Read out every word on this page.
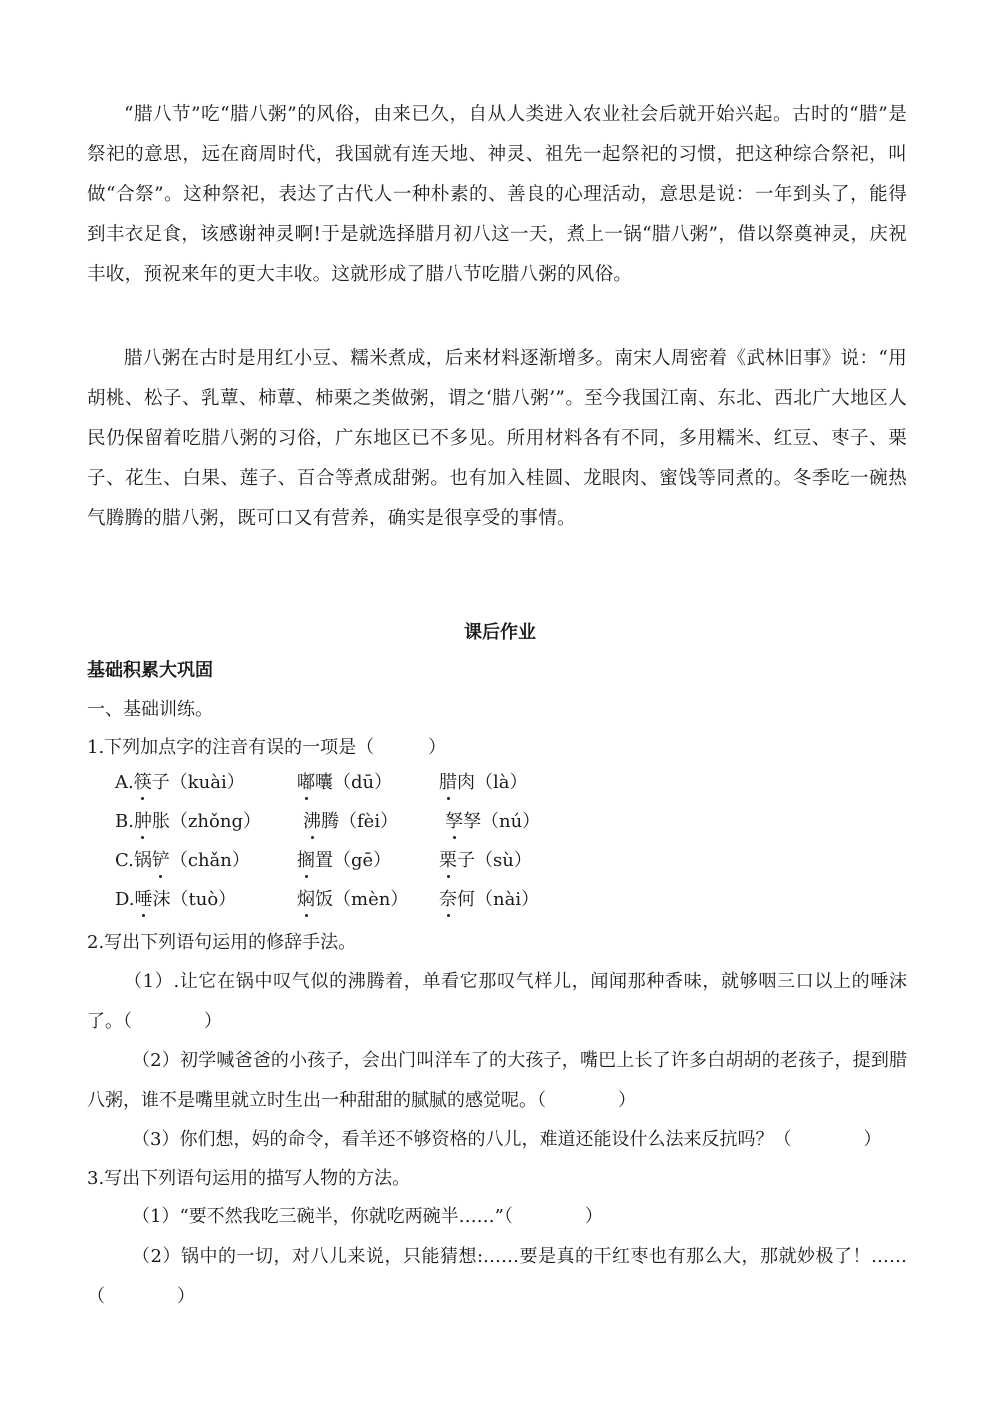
“腊八节”吃“腊八粥”的风俗，由来已久，自从人类进入农业社会后就开始兴起。古时的“腊”是祭祀的意思，远在商周时代，我国就有连天地、神灵、祖先一起祭祀的习惯，把这种综合祭祀，叫做“合祭”。这种祭祀，表达了古代人一种朴素的、善良的心理活动，意思是说：一年到头了，能得到丰衣足食，该感谢神灵啊!于是就选择腊月初八这一天，煮上一锅“腊八粥”，借以祭奠神灵，庆祝丰收，预祝来年的更大丰收。这就形成了腊八节吃腊八粥的风俗。
腊八粥在古时是用红小豆、糯米煮成，后来材料逐渐增多。南宋人周密着《武林旧事》说：“用胡桃、松子、乳蕈、柿蕈、柿栗之类做粥，谓之‘腊八粥’”。至今我国江南、东北、西北广大地区人民仍保留着吃腊八粥的习俗，广东地区已不多见。所用材料各有不同，多用糯米、红豆、枣子、栗子、花生、白果、莲子、百合等煮成甜粥。也有加入桂圆、龙眼肉、蜜饯等同煮的。冬季吃一碗热气腾腾的腊八粥，既可口又有营养，确实是很享受的事情。
课后作业
基础积累大巩固
一、基础训练。
1.下列加点字的注音有误的一项是（　　　）
A.筷子（kuài）	嘟囔（dū）	腊肉（là）
B.肿胀（zhǒng） 沸腾（fèi）	孥孥（nú）
C.锅铲（chǎn）	搁置（gē）	栗子（sù）
D.唾沫（tuò）	焖饭（mèn） 奈何（nài）
2.写出下列语句运用的修辞手法。
（1）.让它在锅中叹气似的沸腾着，单看它那叹气样儿，闻闻那种香味，就够咽三口以上的唾沫了。（　　　　）
（2）初学喊爸爸的小孩子，会出门叫洋车了的大孩子，嘴巴上长了许多白胡胡的老孩子，提到腊八粥，谁不是嘴里就立时生出一种甜甜的腻腻的感觉呢。（　　　　）
（3）你们想，妈的命令，看羊还不够资格的八儿，难道还能设什么法来反抗吗？（　　　　）
3.写出下列语句运用的描写人物的方法。
（1）“要不然我吃三碗半，你就吃两碗半……”（　　　　）
（2）锅中的一切，对八儿来说，只能猜想:……要是真的干红枣也有那么大，那就妙极了！……（　　　　）
